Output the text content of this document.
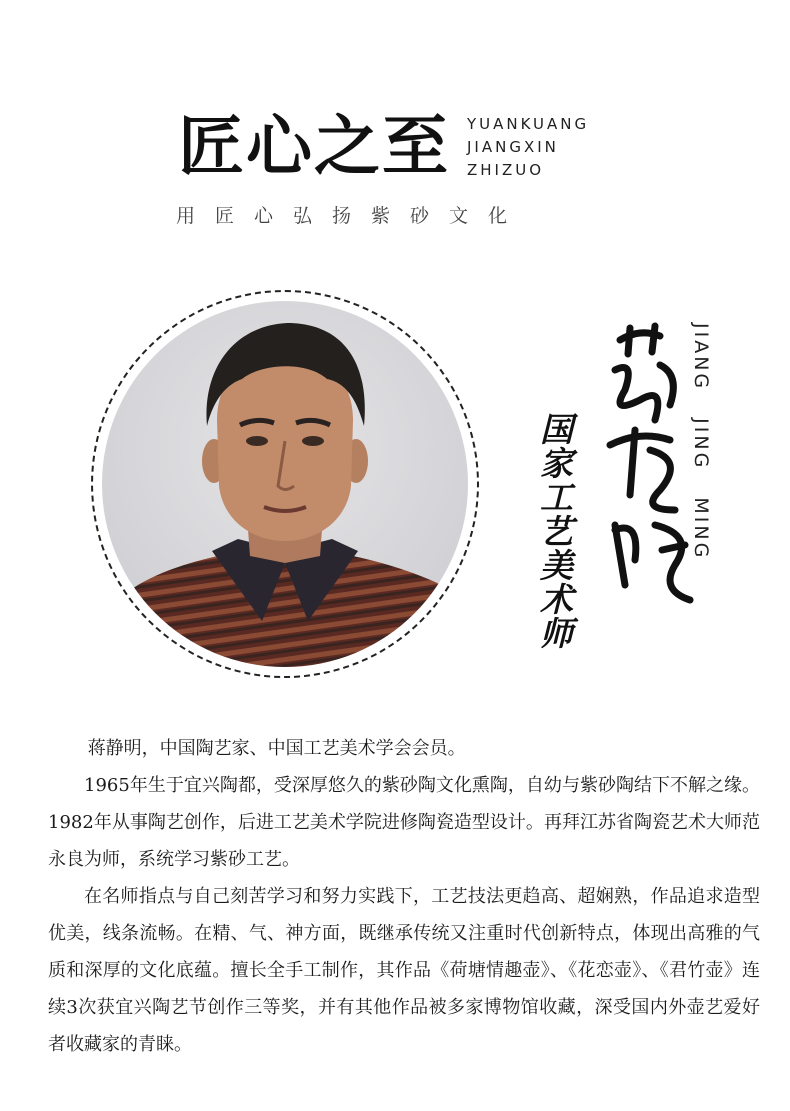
匠心之至 YUANKUANG
JIANGXIN
ZHIZUO
用匠心弘扬紫砂文化
国家工艺美术师	JIANG JING MING

蒋静明，中国陶艺家、中国工艺美术学会会员。

1965年生于宜兴陶都，受深厚悠久的紫砂陶文化熏陶，自幼与紫砂陶结下不解之缘。1982年从事陶艺创作，后进工艺美术学院进修陶瓷造型设计。再拜江苏省陶瓷艺术大师范永良为师，系统学习紫砂工艺。

在名师指点与自己刻苦学习和努力实践下，工艺技法更趋高、超娴熟，作品追求造型优美，线条流畅。在精、气、神方面，既继承传统又注重时代创新特点，体现出高雅的气质和深厚的文化底蕴。擅长全手工制作，其作品《荷塘情趣壶》、《花恋壶》、《君竹壶》连续3次获宜兴陶艺节创作三等奖，并有其他作品被多家博物馆收藏，深受国内外壶艺爱好者收藏家的青睐。
